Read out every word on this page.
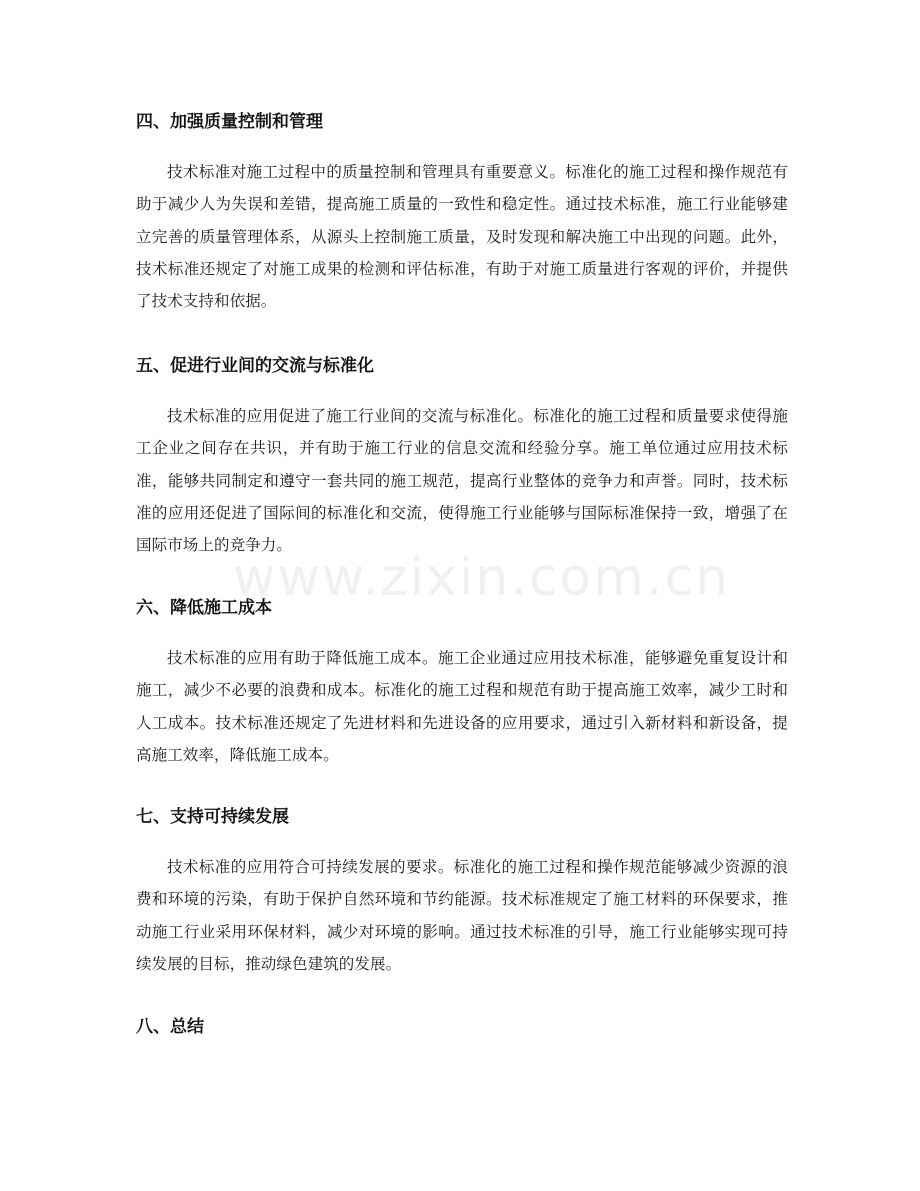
www.zixin.com.cn
四、加强质量控制和管理

技术标准对施工过程中的质量控制和管理具有重要意义。标准化的施工过程和操作规范有助于减少人为失误和差错，提高施工质量的一致性和稳定性。通过技术标准，施工行业能够建立完善的质量管理体系，从源头上控制施工质量，及时发现和解决施工中出现的问题。此外，技术标准还规定了对施工成果的检测和评估标准，有助于对施工质量进行客观的评价，并提供了技术支持和依据。

五、促进行业间的交流与标准化

技术标准的应用促进了施工行业间的交流与标准化。标准化的施工过程和质量要求使得施工企业之间存在共识，并有助于施工行业的信息交流和经验分享。施工单位通过应用技术标准，能够共同制定和遵守一套共同的施工规范，提高行业整体的竞争力和声誉。同时，技术标准的应用还促进了国际间的标准化和交流，使得施工行业能够与国际标准保持一致，增强了在国际市场上的竞争力。

六、降低施工成本

技术标准的应用有助于降低施工成本。施工企业通过应用技术标准，能够避免重复设计和施工，减少不必要的浪费和成本。标准化的施工过程和规范有助于提高施工效率，减少工时和人工成本。技术标准还规定了先进材料和先进设备的应用要求，通过引入新材料和新设备，提高施工效率，降低施工成本。

七、支持可持续发展

技术标准的应用符合可持续发展的要求。标准化的施工过程和操作规范能够减少资源的浪费和环境的污染，有助于保护自然环境和节约能源。技术标准规定了施工材料的环保要求，推动施工行业采用环保材料，减少对环境的影响。通过技术标准的引导，施工行业能够实现可持续发展的目标，推动绿色建筑的发展。

八、总结
